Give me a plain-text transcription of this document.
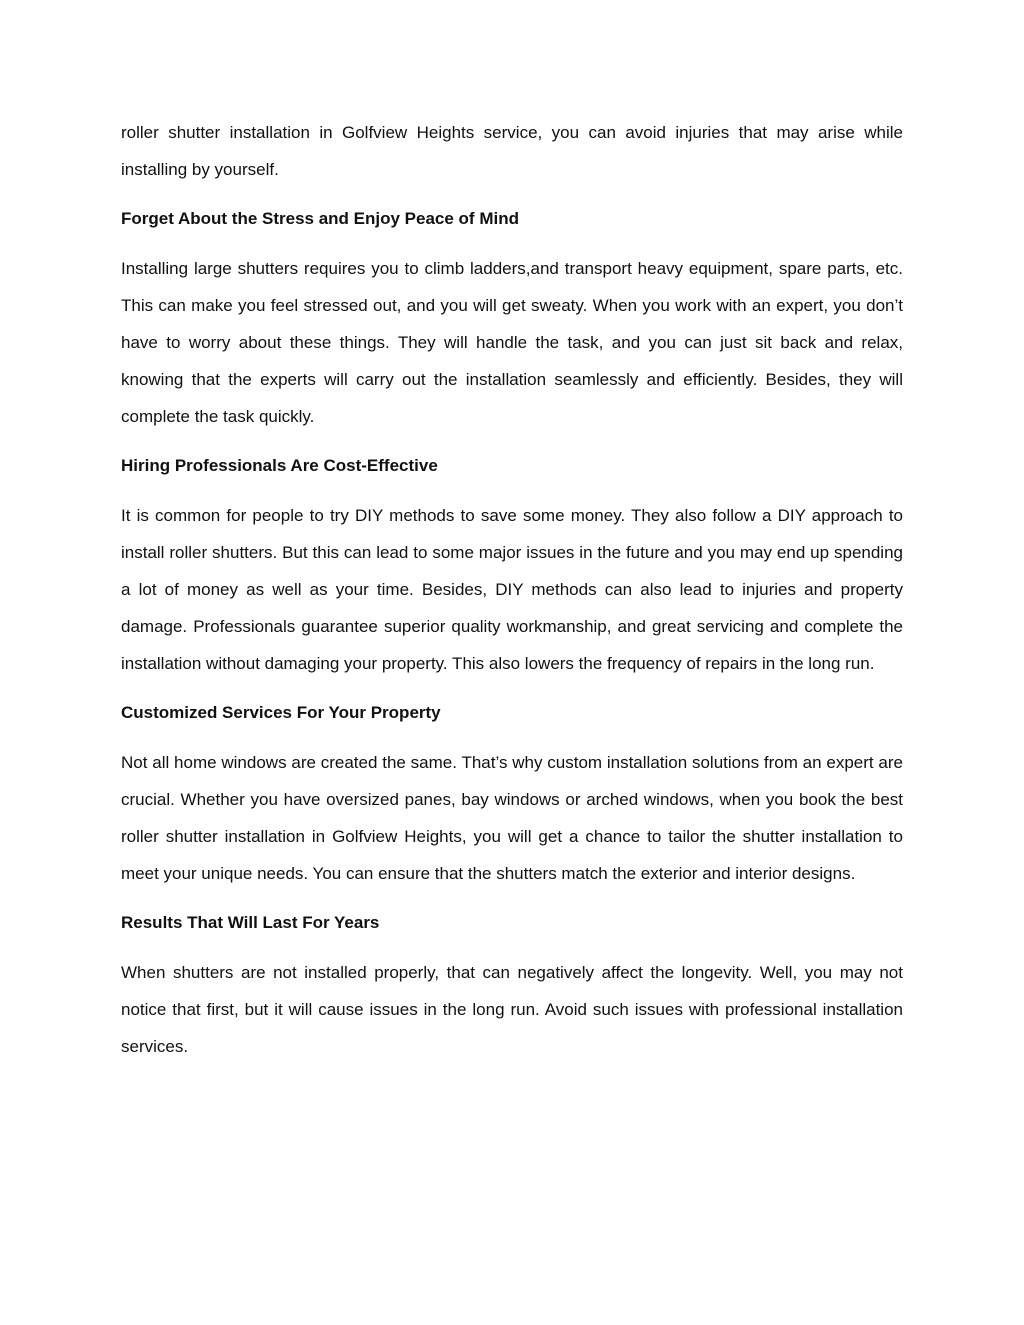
roller shutter installation in Golfview Heights service, you can avoid injuries that may arise while installing by yourself.

Forget About the Stress and Enjoy Peace of Mind

Installing large shutters requires you to climb ladders,and transport heavy equipment, spare parts, etc. This can make you feel stressed out, and you will get sweaty. When you work with an expert, you don’t have to worry about these things. They will handle the task, and you can just sit back and relax, knowing that the experts will carry out the installation seamlessly and efficiently. Besides, they will complete the task quickly.

Hiring Professionals Are Cost-Effective

It is common for people to try DIY methods to save some money. They also follow a DIY approach to install roller shutters. But this can lead to some major issues in the future and you may end up spending a lot of money as well as your time. Besides, DIY methods can also lead to injuries and property damage. Professionals guarantee superior quality workmanship, and great servicing and complete the installation without damaging your property. This also lowers the frequency of repairs in the long run.

Customized Services For Your Property

Not all home windows are created the same. That’s why custom installation solutions from an expert are crucial. Whether you have oversized panes, bay windows or arched windows, when you book the best roller shutter installation in Golfview Heights, you will get a chance to tailor the shutter installation to meet your unique needs. You can ensure that the shutters match the exterior and interior designs.

Results That Will Last For Years

When shutters are not installed properly, that can negatively affect the longevity. Well, you may not notice that first, but it will cause issues in the long run. Avoid such issues with professional installation services.
